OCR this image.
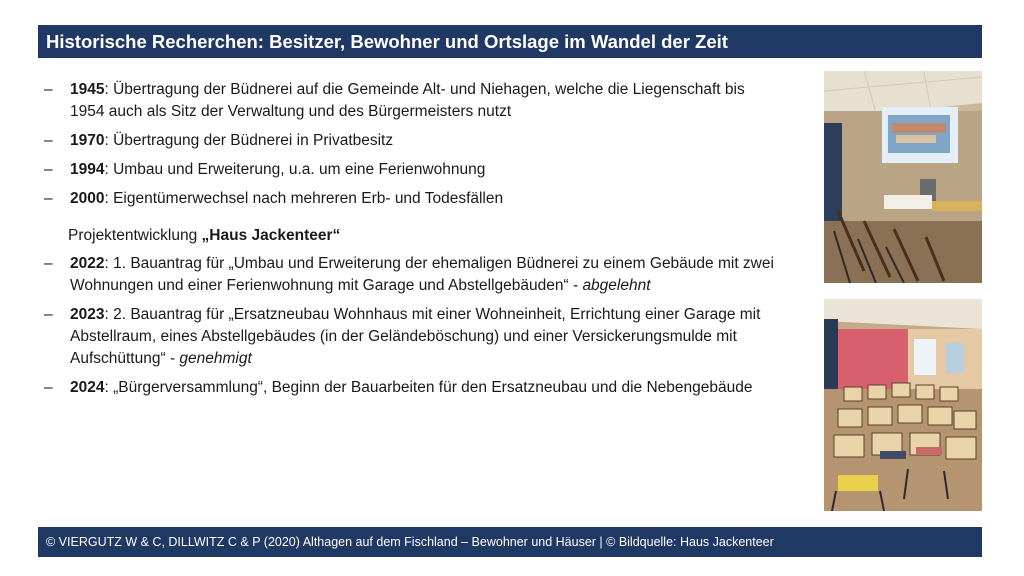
Historische Recherchen: Besitzer, Bewohner und Ortslage im Wandel der Zeit
– 1945: Übertragung der Büdnerei auf die Gemeinde Alt- und Niehagen, welche die Liegenschaft bis 1954 auch als Sitz der Verwaltung und des Bürgermeisters nutzt
– 1970: Übertragung der Büdnerei in Privatbesitz
– 1994: Umbau und Erweiterung, u.a. um eine Ferienwohnung
– 2000: Eigentümerwechsel nach mehreren Erb- und Todesfällen
Projektentwicklung „Haus Jackenteer“
– 2022: 1. Bauantrag für „Umbau und Erweiterung der ehemaligen Büdnerei zu einem Gebäude mit zwei Wohnungen und einer Ferienwohnung mit Garage und Abstellgebäuden“ - abgelehnt
– 2023: 2. Bauantrag für „Ersatzneubau Wohnhaus mit einer Wohneinheit, Errichtung einer Garage mit Abstellraum, eines Abstellgebäudes (in der Geländeböschung) und einer Versickerungsmulde mit Aufschüttung“ - genehmigt
– 2024: „Bürgerversammlung“, Beginn der Bauarbeiten für den Ersatzneubau und die Nebengebäude
© VIERGUTZ W & C, DILLWITZ C & P (2020) Althagen auf dem Fischland – Bewohner und Häuser | © Bildquelle: Haus Jackenteer
